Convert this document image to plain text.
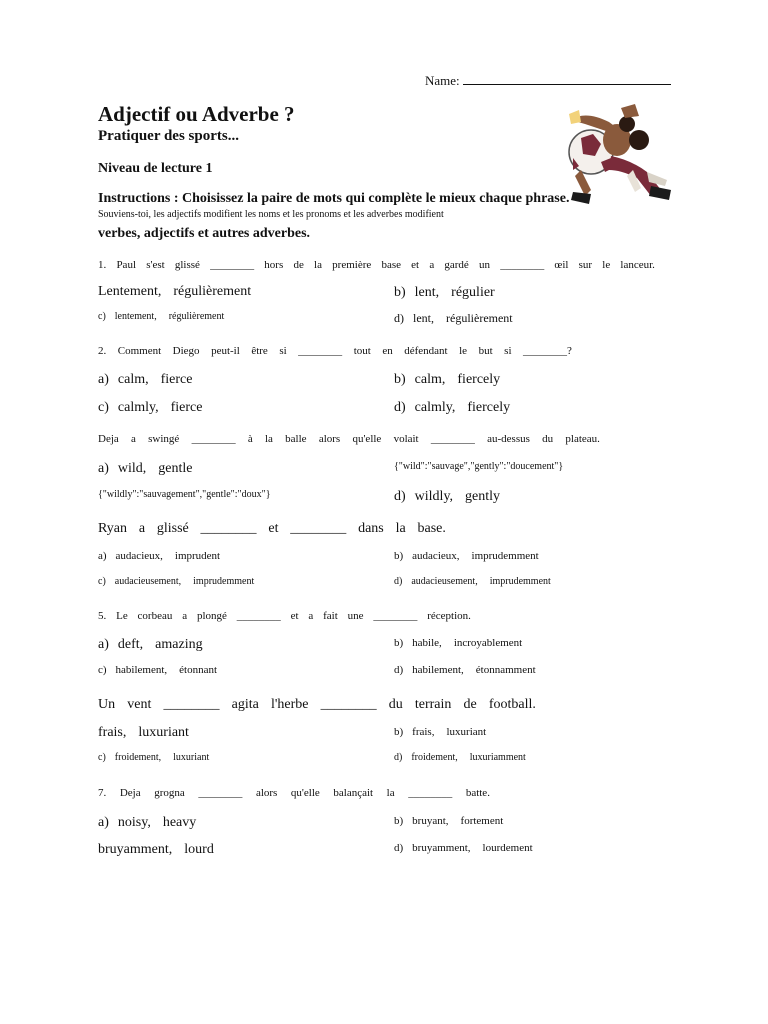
Name:
Adjectif ou Adverbe ?
Pratiquer des sports...
Niveau de lecture 1
Instructions : Choisissez la paire de mots qui complète le mieux chaque phrase.
Souviens-toi, les adjectifs modifient les noms et les pronoms et les adverbes modifient
verbes, adjectifs et autres adverbes.
1. Paul s'est glissé ________ hors de la première base et a gardé un ________ œil sur le lanceur.
Lentement, régulièrement	b) lent, régulier
c) lentement, régulièrement	d) lent, régulièrement
2. Comment Diego peut-il être si ________ tout en défendant le but si ________?
a) calm, fierce	b) calm, fiercely
c) calmly, fierce	d) calmly, fiercely
Deja a swingé ________ à la balle alors qu'elle volait ________ au-dessus du plateau.
a) wild, gentle	{"wild":"sauvage","gently":"doucement"}
{"wildly":"sauvagement","gentle":"doux"}	d) wildly, gently
Ryan a glissé ________ et ________ dans la base.
a) audacieux, imprudent	b) audacieux, imprudemment
c) audacieusement, imprudemment	d) audacieusement, imprudemment
5. Le corbeau a plongé ________ et a fait une ________ réception.
a) deft, amazing	b) habile, incroyablement
c) habilement, étonnant	d) habilement, étonnamment
Un vent ________ agita l'herbe ________ du terrain de football.
frais, luxuriant	b) frais, luxuriant
c) froidement, luxuriant	d) froidement, luxuriamment
7. Deja grogna ________ alors qu'elle balançait la ________ batte.
a) noisy, heavy	b) bruyant, fortement
bruyamment, lourd	d) bruyamment, lourdement
